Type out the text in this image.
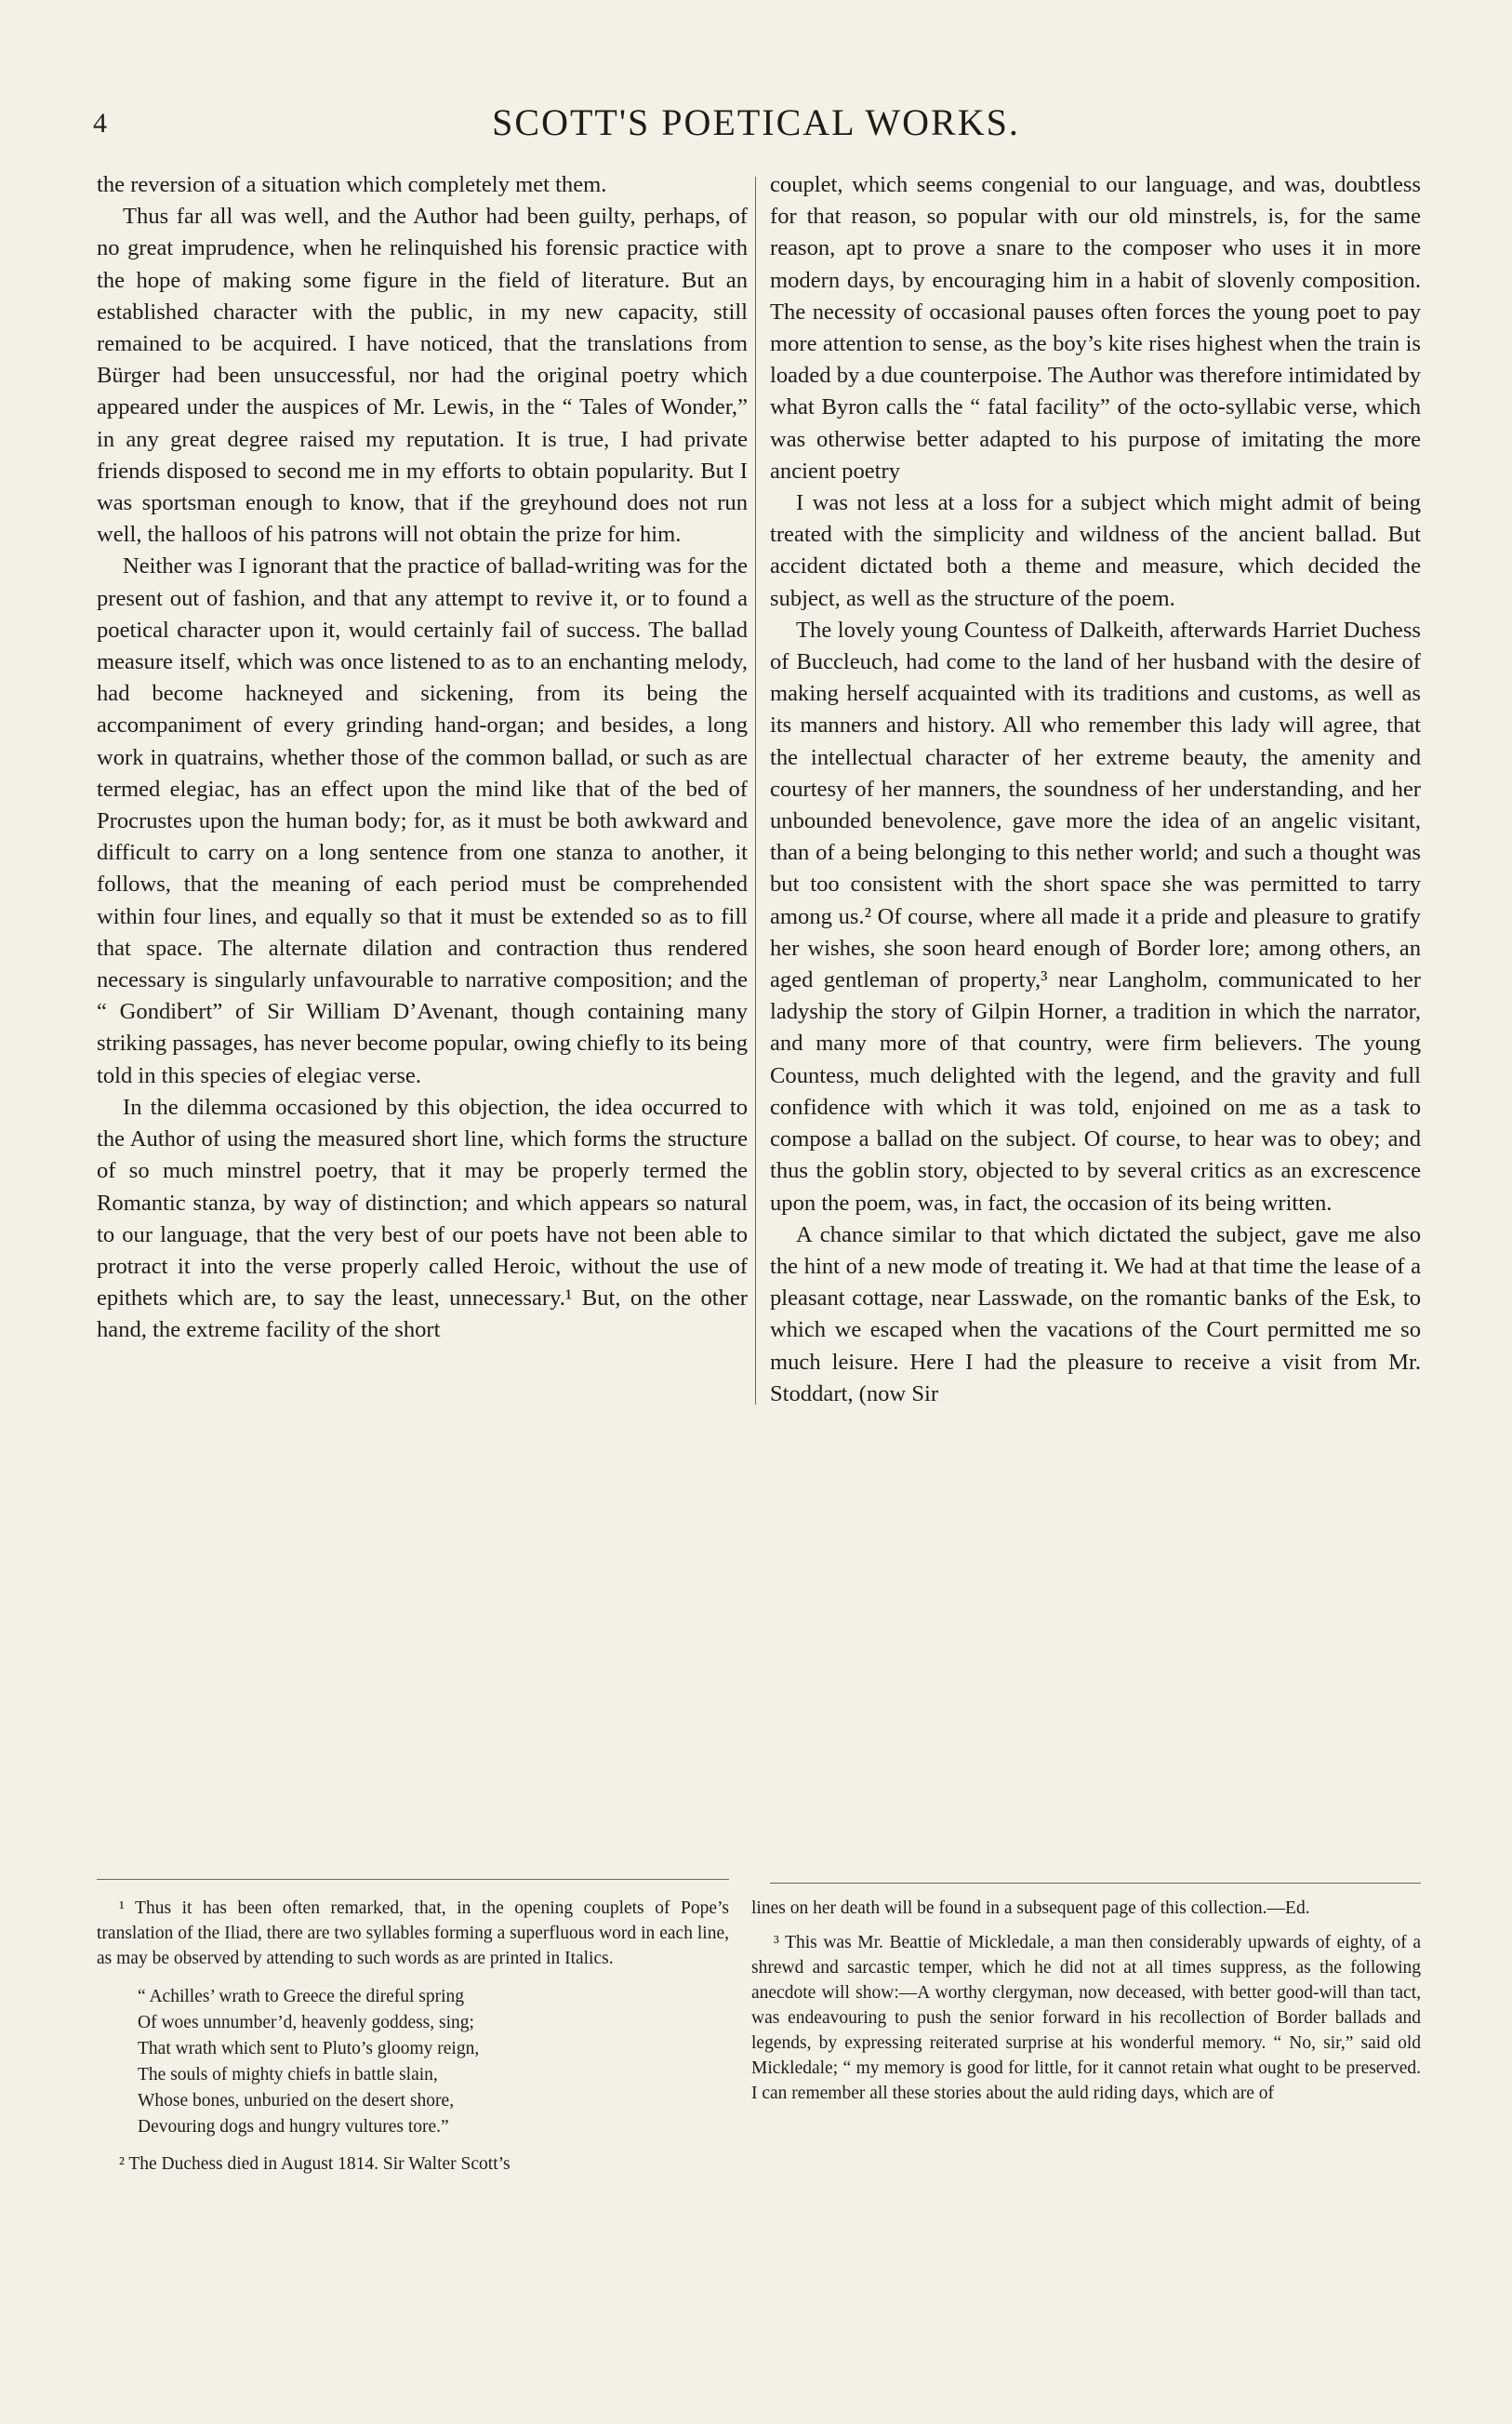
4	SCOTT'S POETICAL WORKS.

the reversion of a situation which completely met them.

Thus far all was well, and the Author had been guilty, perhaps, of no great imprudence, when he relinquished his forensic practice with the hope of making some figure in the field of literature. But an established character with the public, in my new capacity, still remained to be acquired. I have noticed, that the translations from Bürger had been unsuccessful, nor had the original poetry which appeared under the auspices of Mr. Lewis, in the “ Tales of Wonder,” in any great degree raised my reputation. It is true, I had private friends disposed to second me in my efforts to obtain popularity. But I was sportsman enough to know, that if the greyhound does not run well, the halloos of his patrons will not obtain the prize for him.

Neither was I ignorant that the practice of ballad-writing was for the present out of fashion, and that any attempt to revive it, or to found a poetical character upon it, would certainly fail of success. The ballad measure itself, which was once listened to as to an enchanting melody, had become hackneyed and sickening, from its being the accompaniment of every grinding hand-organ; and besides, a long work in quatrains, whether those of the common ballad, or such as are termed elegiac, has an effect upon the mind like that of the bed of Procrustes upon the human body; for, as it must be both awkward and difficult to carry on a long sentence from one stanza to another, it follows, that the meaning of each period must be comprehended within four lines, and equally so that it must be extended so as to fill that space. The alternate dilation and contraction thus rendered necessary is singularly unfavourable to narrative composition; and the “ Gondibert” of Sir William D’Avenant, though containing many striking passages, has never become popular, owing chiefly to its being told in this species of elegiac verse.

In the dilemma occasioned by this objection, the idea occurred to the Author of using the measured short line, which forms the structure of so much minstrel poetry, that it may be properly termed the Romantic stanza, by way of distinction; and which appears so natural to our language, that the very best of our poets have not been able to protract it into the verse properly called Heroic, without the use of epithets which are, to say the least, unnecessary.¹ But, on the other hand, the extreme facility of the short

couplet, which seems congenial to our language, and was, doubtless for that reason, so popular with our old minstrels, is, for the same reason, apt to prove a snare to the composer who uses it in more modern days, by encouraging him in a habit of slovenly composition. The necessity of occasional pauses often forces the young poet to pay more attention to sense, as the boy’s kite rises highest when the train is loaded by a due counterpoise. The Author was therefore intimidated by what Byron calls the “ fatal facility” of the octo-syllabic verse, which was otherwise better adapted to his purpose of imitating the more ancient poetry

I was not less at a loss for a subject which might admit of being treated with the simplicity and wildness of the ancient ballad. But accident dictated both a theme and measure, which decided the subject, as well as the structure of the poem.

The lovely young Countess of Dalkeith, afterwards Harriet Duchess of Buccleuch, had come to the land of her husband with the desire of making herself acquainted with its traditions and customs, as well as its manners and history. All who remember this lady will agree, that the intellectual character of her extreme beauty, the amenity and courtesy of her manners, the soundness of her understanding, and her unbounded benevolence, gave more the idea of an angelic visitant, than of a being belonging to this nether world; and such a thought was but too consistent with the short space she was permitted to tarry among us.² Of course, where all made it a pride and pleasure to gratify her wishes, she soon heard enough of Border lore; among others, an aged gentleman of property,³ near Langholm, communicated to her ladyship the story of Gilpin Horner, a tradition in which the narrator, and many more of that country, were firm believers. The young Countess, much delighted with the legend, and the gravity and full confidence with which it was told, enjoined on me as a task to compose a ballad on the subject. Of course, to hear was to obey; and thus the goblin story, objected to by several critics as an excrescence upon the poem, was, in fact, the occasion of its being written.

A chance similar to that which dictated the subject, gave me also the hint of a new mode of treating it. We had at that time the lease of a pleasant cottage, near Lasswade, on the romantic banks of the Esk, to which we escaped when the vacations of the Court permitted me so much leisure. Here I had the pleasure to receive a visit from Mr. Stoddart, (now Sir

¹ Thus it has been often remarked, that, in the opening couplets of Pope’s translation of the Iliad, there are two syllables forming a superfluous word in each line, as may be observed by attending to such words as are printed in Italics.

“ Achilles’ wrath to Greece the direful spring
Of woes unnumber’d, heavenly goddess, sing;
That wrath which sent to Pluto’s gloomy reign,
The souls of mighty chiefs in battle slain,
Whose bones, unburied on the desert shore,
Devouring dogs and hungry vultures tore.”

² The Duchess died in August 1814. Sir Walter Scott’s

lines on her death will be found in a subsequent page of this collection.—Ed.

³ This was Mr. Beattie of Mickledale, a man then considerably upwards of eighty, of a shrewd and sarcastic temper, which he did not at all times suppress, as the following anecdote will show:—A worthy clergyman, now deceased, with better good-will than tact, was endeavouring to push the senior forward in his recollection of Border ballads and legends, by expressing reiterated surprise at his wonderful memory. “ No, sir,” said old Mickledale; “ my memory is good for little, for it cannot retain what ought to be preserved. I can remember all these stories about the auld riding days, which are of
